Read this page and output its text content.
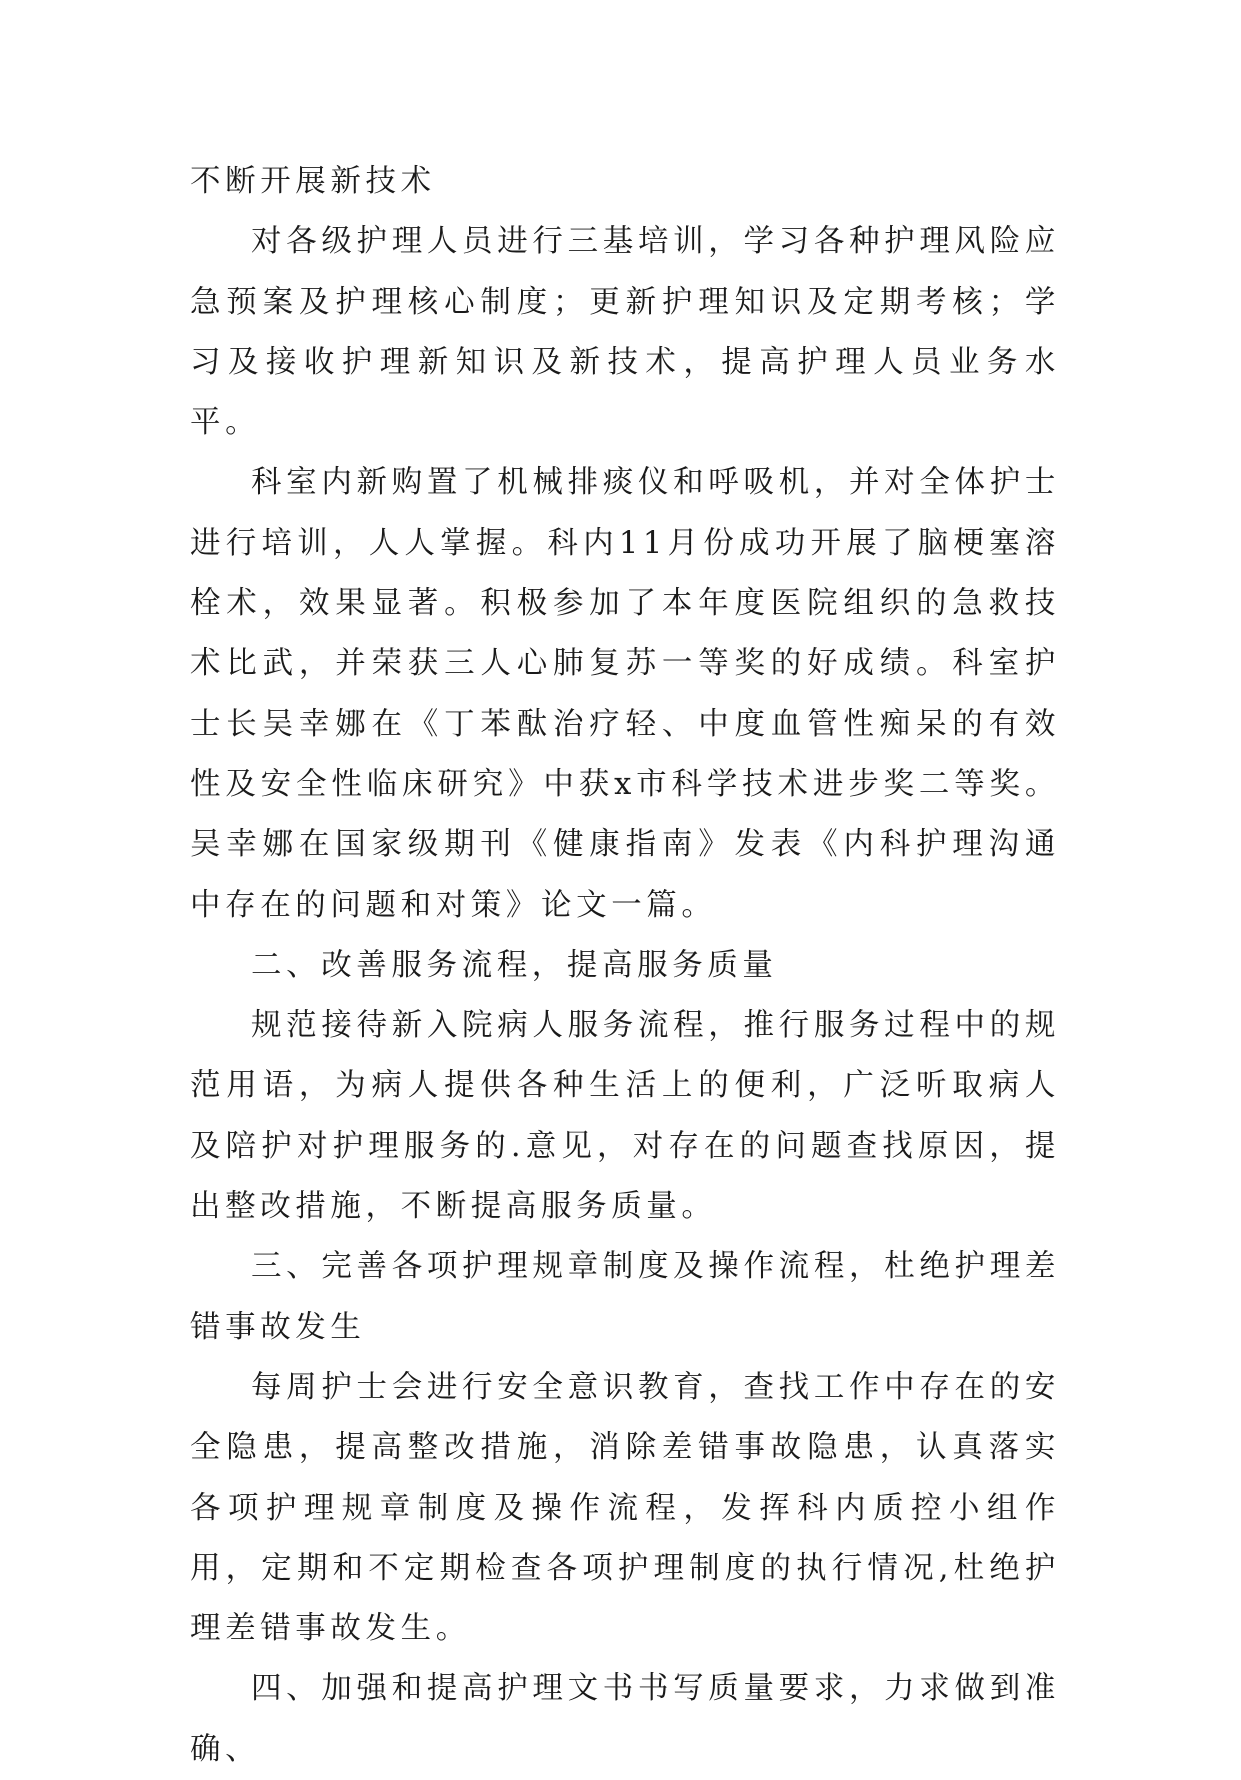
不断开展新技术

对各级护理人员进行三基培训，学习各种护理风险应急预案及护理核心制度；更新护理知识及定期考核；学习及接收护理新知识及新技术，提高护理人员业务水平。

科室内新购置了机械排痰仪和呼吸机，并对全体护士进行培训，人人掌握。科内11月份成功开展了脑梗塞溶栓术，效果显著。积极参加了本年度医院组织的急救技术比武，并荣获三人心肺复苏一等奖的好成绩。科室护士长吴幸娜在《丁苯酞治疗轻、中度血管性痴呆的有效性及安全性临床研究》中获x市科学技术进步奖二等奖。吴幸娜在国家级期刊《健康指南》发表《内科护理沟通中存在的问题和对策》论文一篇。

二、改善服务流程，提高服务质量

规范接待新入院病人服务流程，推行服务过程中的规范用语，为病人提供各种生活上的便利，广泛听取病人及陪护对护理服务的.意见，对存在的问题查找原因，提出整改措施，不断提高服务质量。

三、完善各项护理规章制度及操作流程，杜绝护理差错事故发生

每周护士会进行安全意识教育，查找工作中存在的安全隐患，提高整改措施，消除差错事故隐患，认真落实各项护理规章制度及操作流程，发挥科内质控小组作用，定期和不定期检查各项护理制度的执行情况,杜绝护理差错事故发生。

四、加强和提高护理文书书写质量要求，力求做到准确、
